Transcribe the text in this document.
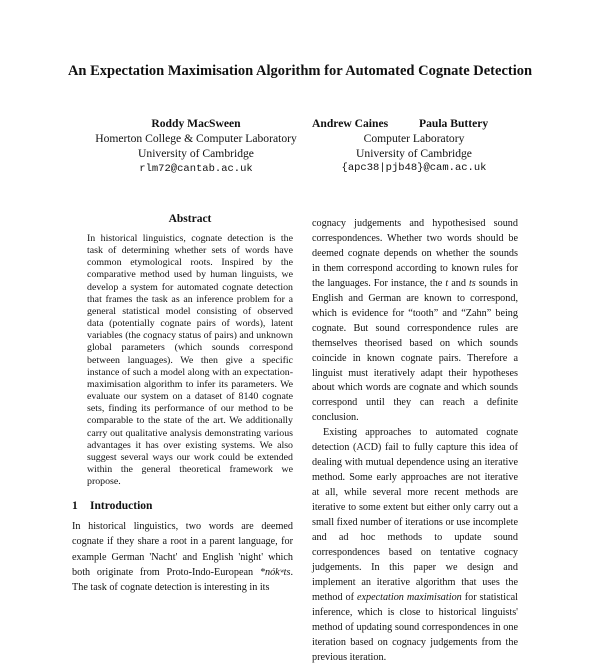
An Expectation Maximisation Algorithm for Automated Cognate Detection
Roddy MacSween
Homerton College & Computer Laboratory
University of Cambridge
rlm72@cantab.ac.uk
Andrew Caines	Paula Buttery
Computer Laboratory
University of Cambridge
{apc38|pjb48}@cam.ac.uk
Abstract

In historical linguistics, cognate detection is the task of determining whether sets of words have common etymological roots. Inspired by the comparative method used by human linguists, we develop a system for automated cognate detection that frames the task as an inference problem for a general statistical model consisting of observed data (potentially cognate pairs of words), latent variables (the cognacy status of pairs) and unknown global parameters (which sounds correspond between languages). We then give a specific instance of such a model along with an expectation-maximisation algorithm to infer its parameters. We evaluate our system on a dataset of 8140 cognate sets, finding its performance of our method to be comparable to the state of the art. We additionally carry out qualitative analysis demonstrating various advantages it has over existing systems. We also suggest several ways our work could be extended within the general theoretical framework we propose.

1 Introduction

In historical linguistics, two words are deemed cognate if they share a root in a parent language, for example German 'Nacht' and English 'night' which both originate from Proto-Indo-European *nókʷts. The task of cognate detection is interesting in its

cognacy judgements and hypothesised sound correspondences. Whether two words should be deemed cognate depends on whether the sounds in them correspond according to known rules for the languages. For instance, the t and ts sounds in English and German are known to correspond, which is evidence for “tooth” and “Zahn” being cognate. But sound correspondence rules are themselves theorised based on which sounds coincide in known cognate pairs. Therefore a linguist must iteratively adapt their hypotheses about which words are cognate and which sounds correspond until they can reach a definite conclusion.

Existing approaches to automated cognate detection (ACD) fail to fully capture this idea of dealing with mutual dependence using an iterative method. Some early approaches are not iterative at all, while several more recent methods are iterative to some extent but either only carry out a small fixed number of iterations or use incomplete and ad hoc methods to update sound correspondences based on tentative cognacy judgements. In this paper we design and implement an iterative algorithm that uses the method of expectation maximisation for statistical inference, which is close to historical linguists' method of updating sound correspondences in one iteration based on cognacy judgements from the previous iteration.
